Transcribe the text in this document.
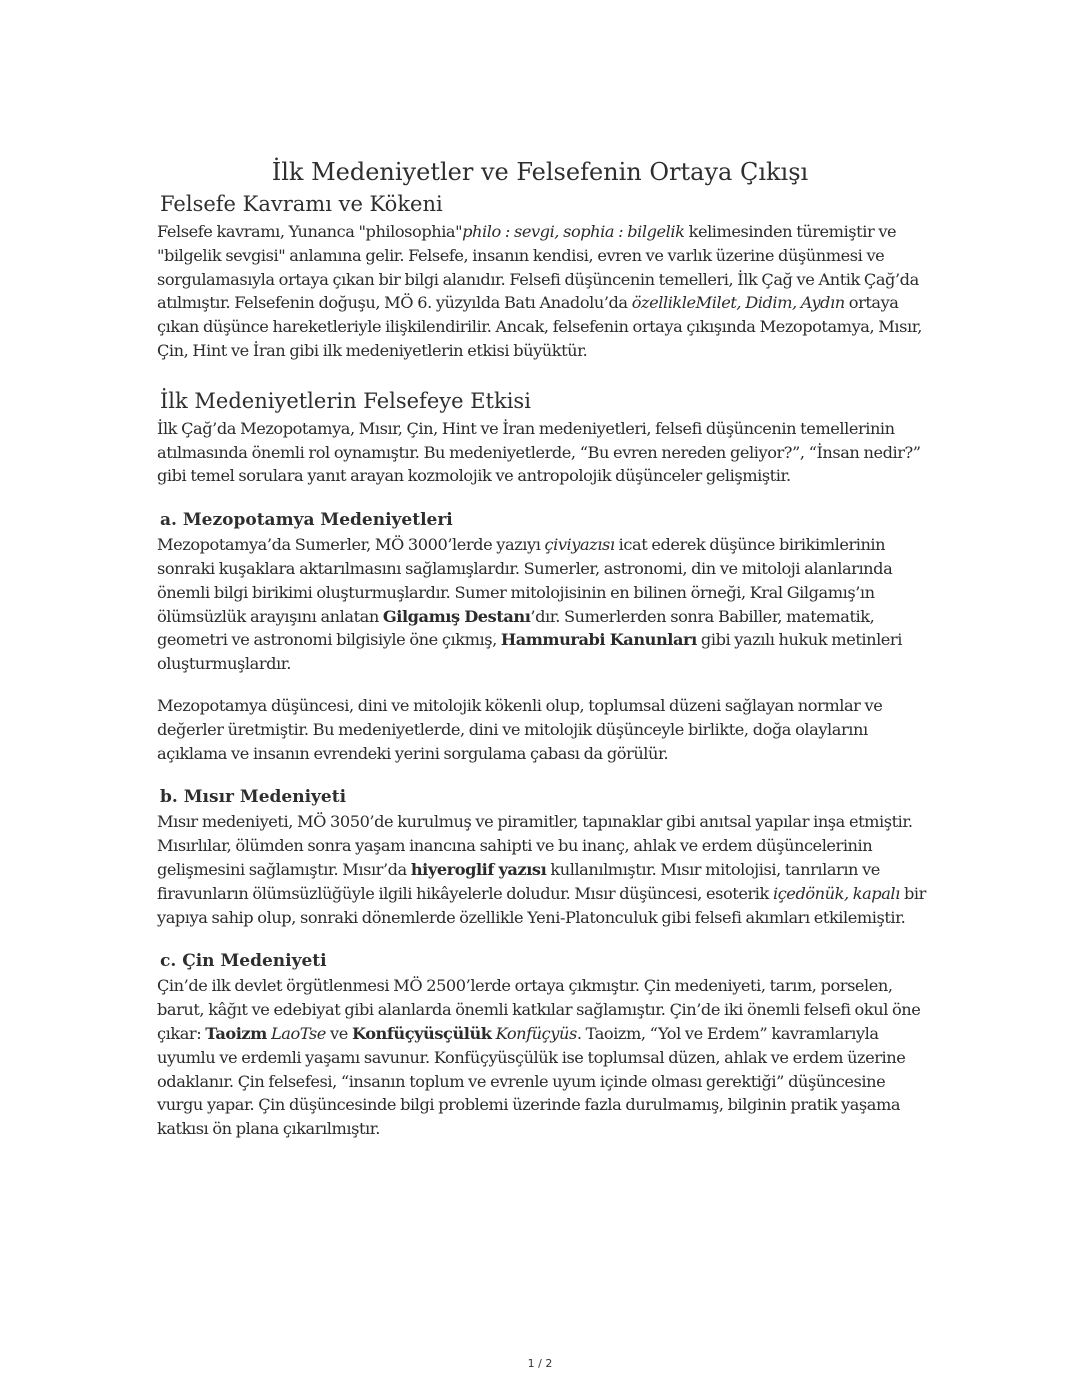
İlk Medeniyetler ve Felsefenin Ortaya Çıkışı
Felsefe Kavramı ve Kökeni

Felsefe kavramı, Yunanca "philosophia"philo : sevgi, sophia : bilgelik kelimesinden türemiştir ve "bilgelik sevgisi" anlamına gelir. Felsefe, insanın kendisi, evren ve varlık üzerine düşünmesi ve sorgulamasıyla ortaya çıkan bir bilgi alanıdır. Felsefi düşüncenin temelleri, İlk Çağ ve Antik Çağ’da atılmıştır. Felsefenin doğuşu, MÖ 6. yüzyılda Batı Anadolu’da özellikleMilet, Didim, Aydın ortaya çıkan düşünce hareketleriyle ilişkilendirilir. Ancak, felsefenin ortaya çıkışında Mezopotamya, Mısır, Çin, Hint ve İran gibi ilk medeniyetlerin etkisi büyüktür.

İlk Medeniyetlerin Felsefeye Etkisi

İlk Çağ’da Mezopotamya, Mısır, Çin, Hint ve İran medeniyetleri, felsefi düşüncenin temellerinin atılmasında önemli rol oynamıştır. Bu medeniyetlerde, “Bu evren nereden geliyor?”, “İnsan nedir?” gibi temel sorulara yanıt arayan kozmolojik ve antropolojik düşünceler gelişmiştir.

a. Mezopotamya Medeniyetleri

Mezopotamya’da Sumerler, MÖ 3000’lerde yazıyı çiviyazısı icat ederek düşünce birikimlerinin sonraki kuşaklara aktarılmasını sağlamışlardır. Sumerler, astronomi, din ve mitoloji alanlarında önemli bilgi birikimi oluşturmuşlardır. Sumer mitolojisinin en bilinen örneği, Kral Gilgamış’ın ölümsüzlük arayışını anlatan Gilgamış Destanı’dır. Sumerlerden sonra Babiller, matematik, geometri ve astronomi bilgisiyle öne çıkmış, Hammurabi Kanunları gibi yazılı hukuk metinleri oluşturmuşlardır.

Mezopotamya düşüncesi, dini ve mitolojik kökenli olup, toplumsal düzeni sağlayan normlar ve değerler üretmiştir. Bu medeniyetlerde, dini ve mitolojik düşünceyle birlikte, doğa olaylarını açıklama ve insanın evrendeki yerini sorgulama çabası da görülür.

b. Mısır Medeniyeti

Mısır medeniyeti, MÖ 3050’de kurulmuş ve piramitler, tapınaklar gibi anıtsal yapılar inşa etmiştir. Mısırlılar, ölümden sonra yaşam inancına sahipti ve bu inanç, ahlak ve erdem düşüncelerinin gelişmesini sağlamıştır. Mısır’da hiyeroglif yazısı kullanılmıştır. Mısır mitolojisi, tanrıların ve firavunların ölümsüzlüğüyle ilgili hikâyelerle doludur. Mısır düşüncesi, esoterik içedönük, kapalı bir yapıya sahip olup, sonraki dönemlerde özellikle Yeni-Platonculuk gibi felsefi akımları etkilemiştir.

c. Çin Medeniyeti

Çin’de ilk devlet örgütlenmesi MÖ 2500’lerde ortaya çıkmıştır. Çin medeniyeti, tarım, porselen, barut, kâğıt ve edebiyat gibi alanlarda önemli katkılar sağlamıştır. Çin’de iki önemli felsefi okul öne çıkar: Taoizm LaoTse ve Konfüçyüsçülük Konfüçyüs. Taoizm, “Yol ve Erdem” kavramlarıyla uyumlu ve erdemli yaşamı savunur. Konfüçyüsçülük ise toplumsal düzen, ahlak ve erdem üzerine odaklanır. Çin felsefesi, “insanın toplum ve evrenle uyum içinde olması gerektiği” düşüncesine vurgu yapar. Çin düşüncesinde bilgi problemi üzerinde fazla durulmamış, bilginin pratik yaşama katkısı ön plana çıkarılmıştır.

1 / 2
